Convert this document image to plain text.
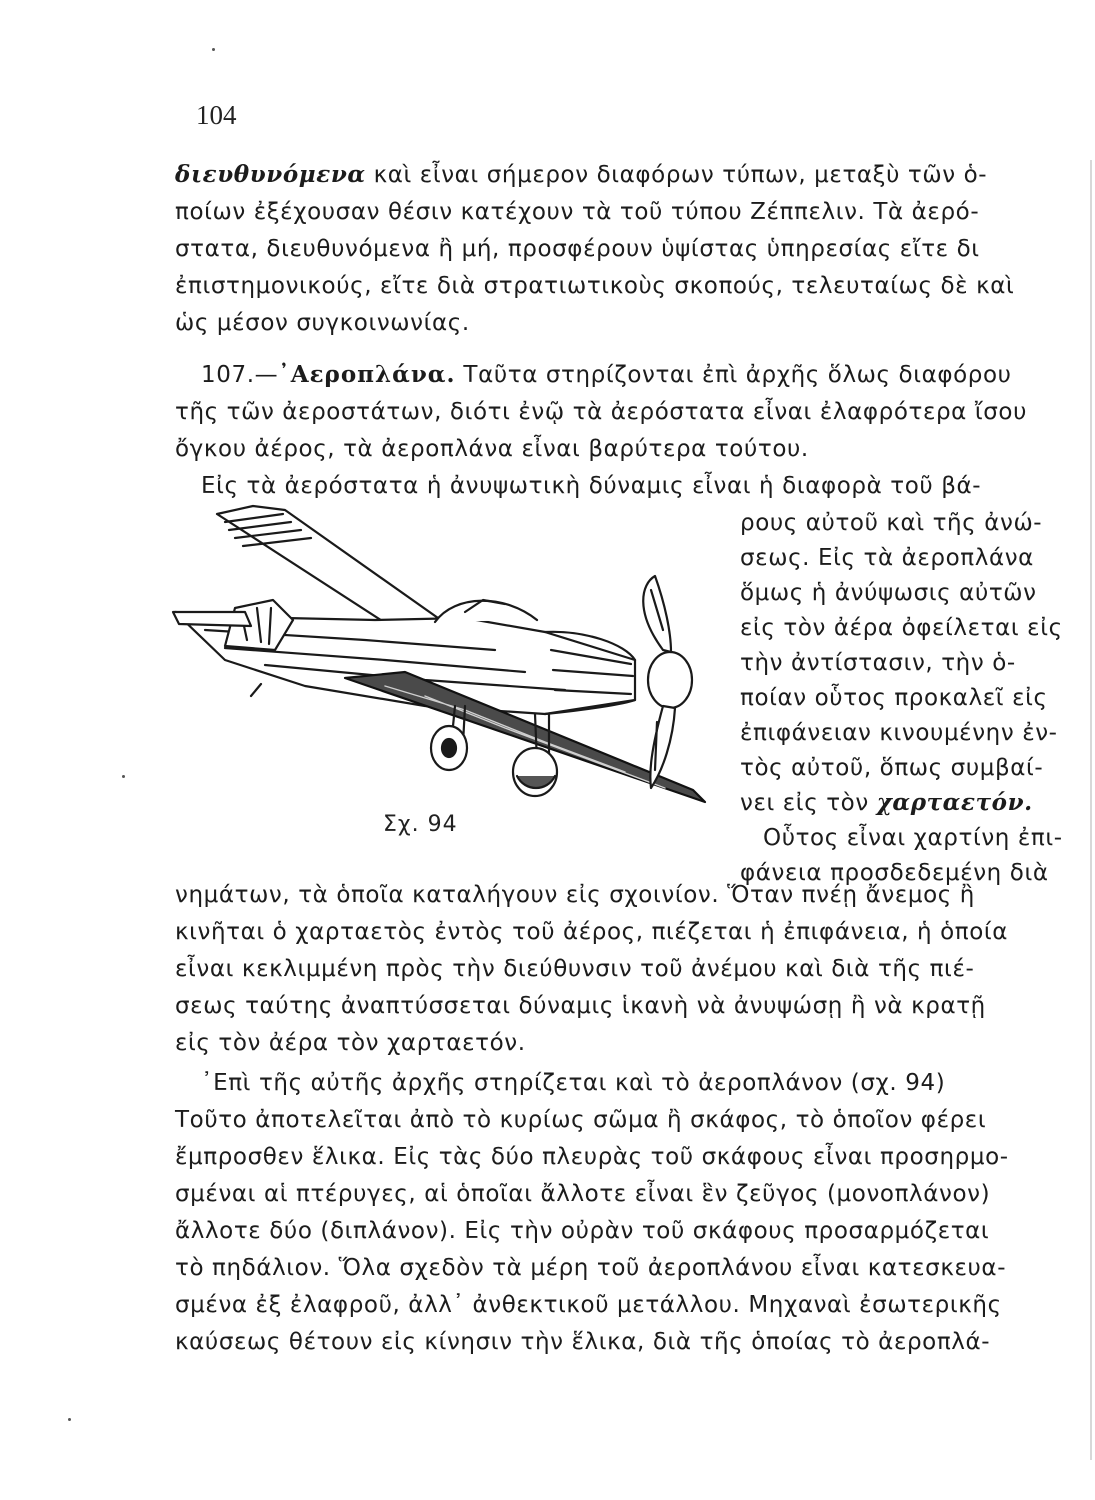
104
διευθυνόμενα καὶ εἶναι σήμερον διαφόρων τύπων, μεταξὺ τῶν ὁ-
ποίων ἐξέχουσαν θέσιν κατέχουν τὰ τοῦ τύπου Ζέππελιν. Τὰ ἀερό-
στατα, διευθυνόμενα ἢ μή, προσφέρουν ὑψίστας ὑπηρεσίας εἴτε δι
ἐπιστημονικούς, εἴτε διὰ στρατιωτικοὺς σκοπούς, τελευταίως δὲ καὶ
ὡς μέσον συγκοινωνίας.
107.—᾿Αεροπλάνα. Ταῦτα στηρίζονται ἐπὶ ἀρχῆς ὅλως διαφόρου
τῆς τῶν ἀεροστάτων, διότι ἐνῷ τὰ ἀερόστατα εἶναι ἐλαφρότερα ἴσου
ὄγκου ἀέρος, τὰ ἀεροπλάνα εἶναι βαρύτερα τούτου.
Εἰς τὰ ἀερόστατα ἡ ἀνυψωτικὴ δύναμις εἶναι ἡ διαφορὰ τοῦ βά-
ρους αὐτοῦ καὶ τῆς ἀνώ-
σεως. Εἰς τὰ ἀεροπλάνα
ὅμως ἡ ἀνύψωσις αὐτῶν
εἰς τὸν ἀέρα ὀφείλεται εἰς
τὴν ἀντίστασιν, τὴν ὁ-
ποίαν οὗτος προκαλεῖ εἰς
ἐπιφάνειαν κινουμένην ἐν-
τὸς αὐτοῦ, ὅπως συμβαί-
νει εἰς τὸν χαρταετόν.
Οὗτος εἶναι χαρτίνη ἐπι-
φάνεια προσδεδεμένη διὰ
Σχ. 94
νημάτων, τὰ ὁποῖα καταλήγουν εἰς σχοινίον. Ὅταν πνέῃ ἄνεμος ἢ
κινῆται ὁ χαρταετὸς ἐντὸς τοῦ ἀέρος, πιέζεται ἡ ἐπιφάνεια, ἡ ὁποία
εἶναι κεκλιμμένη πρὸς τὴν διεύθυνσιν τοῦ ἀνέμου καὶ διὰ τῆς πιέ-
σεως ταύτης ἀναπτύσσεται δύναμις ἱκανὴ νὰ ἀνυψώσῃ ἢ νὰ κρατῇ
εἰς τὸν ἀέρα τὸν χαρταετόν.
᾿Επὶ τῆς αὐτῆς ἀρχῆς στηρίζεται καὶ τὸ ἀεροπλάνον (σχ. 94)
Τοῦτο ἀποτελεῖται ἀπὸ τὸ κυρίως σῶμα ἢ σκάφος, τὸ ὁποῖον φέρει
ἔμπροσθεν ἕλικα. Εἰς τὰς δύο πλευρὰς τοῦ σκάφους εἶναι προσηρμο-
σμέναι αἱ πτέρυγες, αἱ ὁποῖαι ἄλλοτε εἶναι ἓν ζεῦγος (μονοπλάνον)
ἄλλοτε δύο (διπλάνον). Εἰς τὴν οὐρὰν τοῦ σκάφους προσαρμόζεται
τὸ πηδάλιον. Ὅλα σχεδὸν τὰ μέρη τοῦ ἀεροπλάνου εἶναι κατεσκευα-
σμένα ἐξ ἐλαφροῦ, ἀλλ᾿ ἀνθεκτικοῦ μετάλλου. Μηχαναὶ ἐσωτερικῆς
καύσεως θέτουν εἰς κίνησιν τὴν ἕλικα, διὰ τῆς ὁποίας τὸ ἀεροπλά-
